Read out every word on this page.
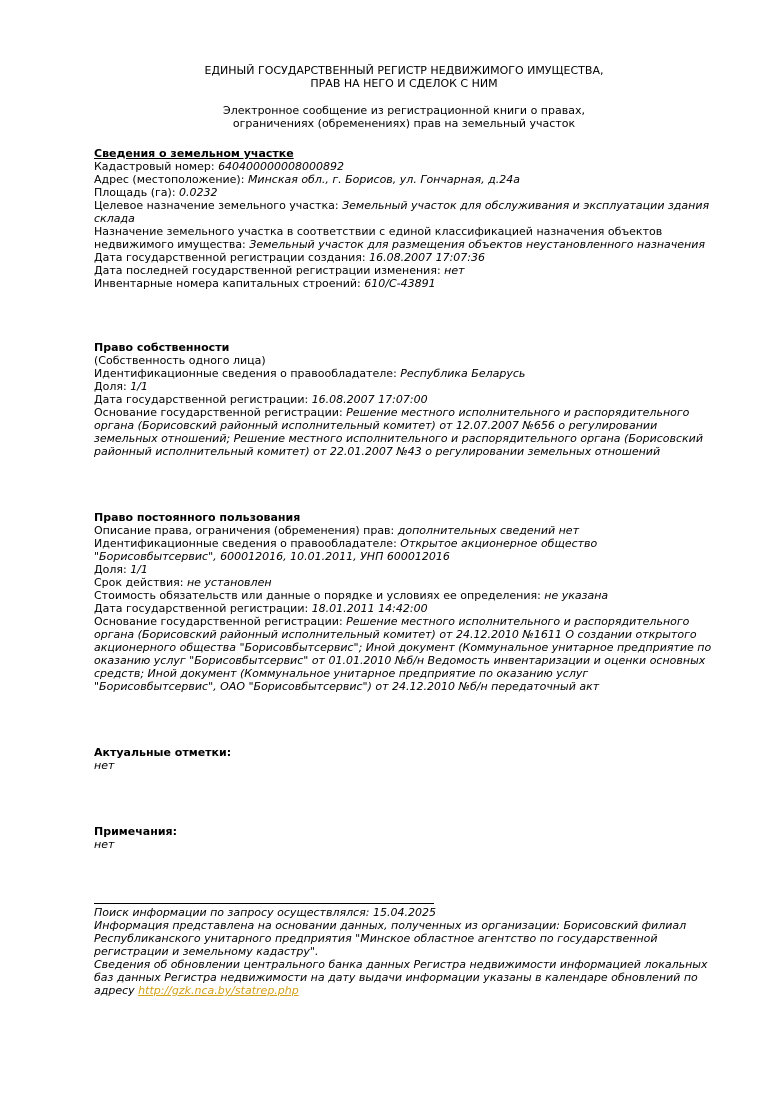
ЕДИНЫЙ ГОСУДАРСТВЕННЫЙ РЕГИСТР НЕДВИЖИМОГО ИМУЩЕСТВА,
ПРАВ НА НЕГО И СДЕЛОК С НИМ
Электронное сообщение из регистрационной книги о правах,
ограничениях (обременениях) прав на земельный участок
Сведения о земельном участке
Кадастровый номер: 640400000008000892
Адрес (местоположение): Минская обл., г. Борисов, ул. Гончарная, д.24а
Площадь (га): 0.0232
Целевое назначение земельного участка: Земельный участок для обслуживания и эксплуатации здания склада
Назначение земельного участка в соответствии с единой классификацией назначения объектов недвижимого имущества: Земельный участок для размещения объектов неустановленного назначения
Дата государственной регистрации создания: 16.08.2007 17:07:36
Дата последней государственной регистрации изменения: нет
Инвентарные номера капитальных строений: 610/С-43891
Право собственности
(Собственность одного лица)
Идентификационные сведения о правообладателе: Республика Беларусь
Доля: 1/1
Дата государственной регистрации: 16.08.2007 17:07:00
Основание государственной регистрации: Решение местного исполнительного и распорядительного органа (Борисовский районный исполнительный комитет) от 12.07.2007 №656 о регулировании земельных отношений; Решение местного исполнительного и распорядительного органа (Борисовский районный исполнительный комитет) от 22.01.2007 №43 о регулировании земельных отношений
Право постоянного пользования
Описание права, ограничения (обременения) прав: дополнительных сведений нет
Идентификационные сведения о правообладателе: Открытое акционерное общество "Борисовбытсервис", 600012016, 10.01.2011, УНП 600012016
Доля: 1/1
Срок действия: не установлен
Стоимость обязательств или данные о порядке и условиях ее определения: не указана
Дата государственной регистрации: 18.01.2011 14:42:00
Основание государственной регистрации: Решение местного исполнительного и распорядительного органа (Борисовский районный исполнительный комитет) от 24.12.2010 №1611 О создании открытого акционерного общества "Борисовбытсервис"; Иной документ (Коммунальное унитарное предприятие по оказанию услуг "Борисовбытсервис" от 01.01.2010 №б/н Ведомость инвентаризации и оценки основных средств; Иной документ (Коммунальное унитарное предприятие по оказанию услуг "Борисовбытсервис", ОАО "Борисовбытсервис") от 24.12.2010 №б/н передаточный акт
Актуальные отметки:
нет
Примечания:
нет
Поиск информации по запросу осуществлялся: 15.04.2025
Информация представлена на основании данных, полученных из организации: Борисовский филиал Республиканского унитарного предприятия "Минское областное агентство по государственной регистрации и земельному кадастру".
Сведения об обновлении центрального банка данных Регистра недвижимости информацией локальных баз данных Регистра недвижимости на дату выдачи информации указаны в календаре обновлений по адресу http://gzk.nca.by/statrep.php
